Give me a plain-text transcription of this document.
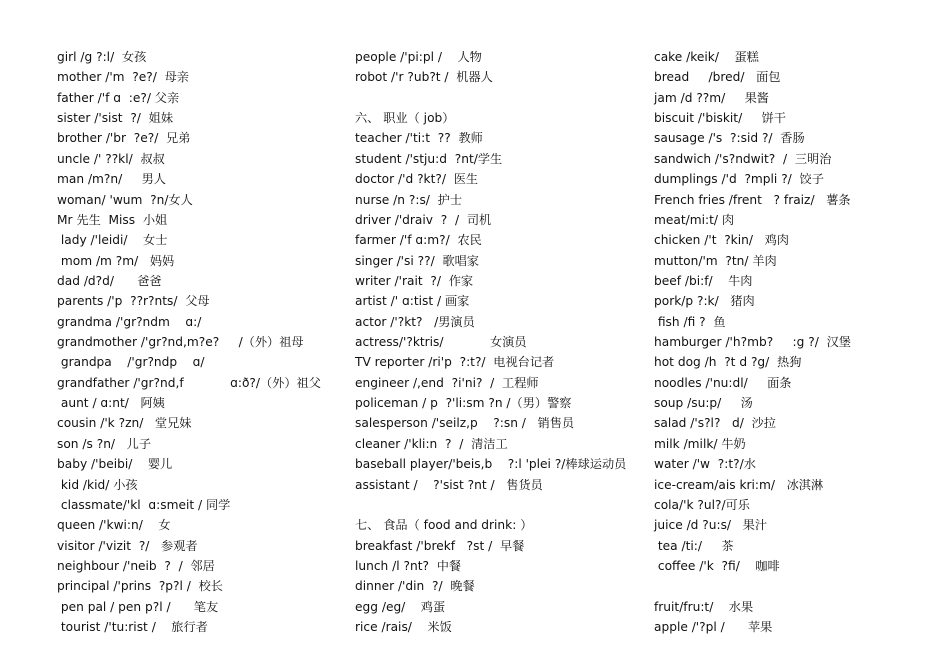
girl /g ?:l/  女孩
mother /'m  ?e?/  母亲
father /'f ɑ  :e?/ 父亲
sister /'sist  ?/  姐妹
brother /'br  ?e?/  兄弟
uncle /' ??kl/  叔叔
man /m?n/     男人
woman/ 'wum  ?n/女人
Mr 先生  Miss  小姐
lady /'leidi/    女士
mom /m ?m/   妈妈
dad /d?d/      爸爸
parents /'p  ??r?nts/  父母
grandma /'gr?ndm    ɑ:/
grandmother /'gr?nd,m?e?     /（外）祖母
grandpa    /'gr?ndp    ɑ/
grandfather /'gr?nd,f            ɑ:ð?/（外）祖父
aunt / ɑ:nt/   阿姨
cousin /'k ?zn/   堂兄妹
son /s ?n/   儿子
baby /'beibi/    婴儿
kid /kid/ 小孩
classmate/'kl  ɑ:smeit / 同学
queen /'kwi:n/    女
visitor /'vizit  ?/   参观者
neighbour /'neib  ?  /  邻居
principal /'prins  ?p?l /  校长
pen pal / pen p?l /      笔友
tourist /'tu:rist /    旅行者
people /'pi:pl /    人物
robot /'r ?ub?t /  机器人
六、 职业（ job）
teacher /'ti:t  ??  教师
student /'stju:d  ?nt/学生
doctor /'d ?kt?/  医生
nurse /n ?:s/  护士
driver /'draiv  ?  /  司机
farmer /'f ɑ:m?/  农民
singer /'si ??/  歌唱家
writer /'rait  ?/  作家
artist /' ɑ:tist / 画家
actor /'?kt?   /男演员
actress/'?ktris/            女演员
TV reporter /ri'p  ?:t?/  电视台记者
engineer /,end  ?i'ni?  /  工程师
policeman / p  ?'li:sm ?n /（男）警察
salesperson /'seilz,p    ?:sn /   销售员
cleaner /'kli:n  ?  /  清洁工
baseball player/'beis,b    ?:l 'plei ?/棒球运动员
assistant /    ?'sist ?nt /   售货员
七、 食品（ food and drink: ）
breakfast /'brekf   ?st /  早餐
lunch /l ?nt?  中餐
dinner /'din  ?/  晚餐
egg /eg/    鸡蛋
rice /rais/    米饭
cake /keik/    蛋糕
bread     /bred/   面包
jam /d ??m/     果酱
biscuit /'biskit/     饼干
sausage /'s  ?:sid ?/  香肠
sandwich /'s?ndwit?  /  三明治
dumplings /'d  ?mpli ?/  饺子
French fries /frent   ? fraiz/   薯条
meat/mi:t/ 肉
chicken /'t  ?kin/   鸡肉
mutton/'m  ?tn/ 羊肉
beef /bi:f/    牛肉
pork/p ?:k/   猪肉
fish /fi ?  鱼
hamburger /'h?mb?     :g ?/  汉堡
hot dog /h  ?t d ?g/  热狗
noodles /'nu:dl/     面条
soup /su:p/     汤
salad /'s?l?   d/  沙拉
milk /milk/ 牛奶
water /'w  ?:t?/水
ice-cream/ais kri:m/   冰淇淋
cola/'k ?ul?/可乐
juice /d ?u:s/   果汁
tea /ti:/     茶
coffee /'k  ?fi/    咖啡
fruit/fru:t/    水果
apple /'?pl /      苹果
